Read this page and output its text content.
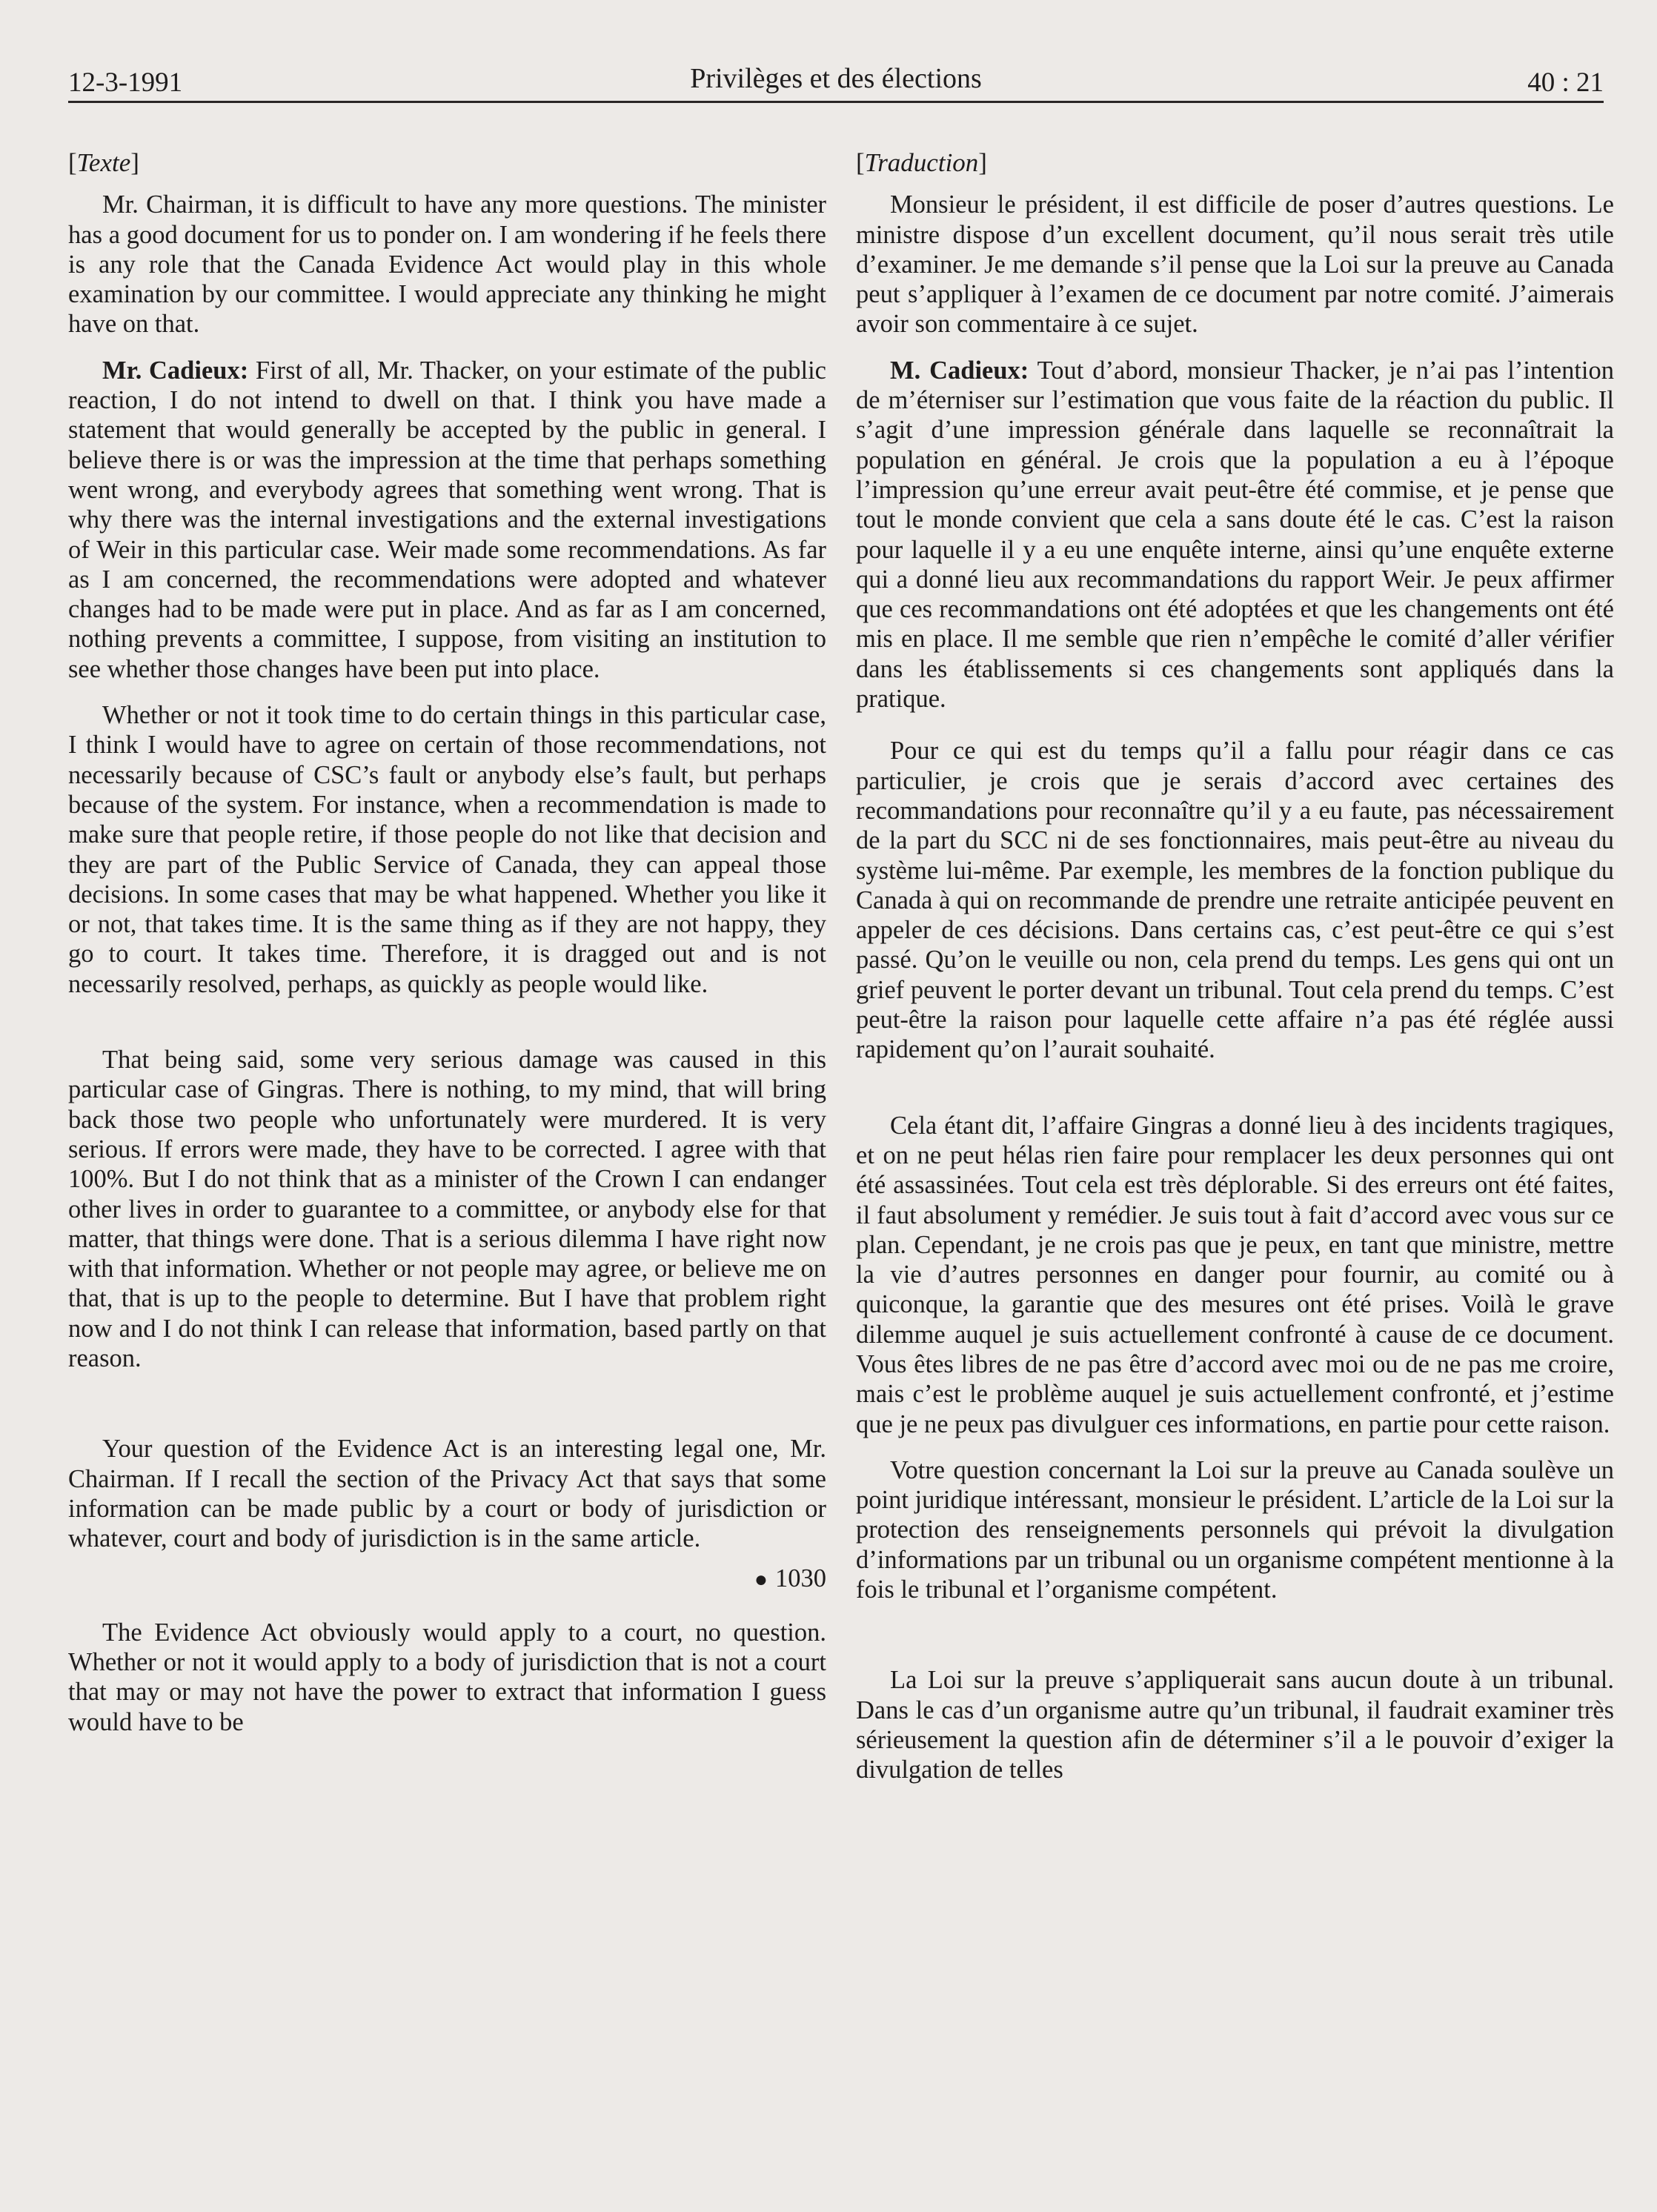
12-3-1991	Privilèges et des élections	40 : 21

[Texte]

Mr. Chairman, it is difficult to have any more questions. The minister has a good document for us to ponder on. I am wondering if he feels there is any role that the Canada Evidence Act would play in this whole examination by our committee. I would appreciate any thinking he might have on that.

Mr. Cadieux: First of all, Mr. Thacker, on your estimate of the public reaction, I do not intend to dwell on that. I think you have made a statement that would generally be accepted by the public in general. I believe there is or was the impression at the time that perhaps something went wrong, and everybody agrees that something went wrong. That is why there was the internal investigations and the external investigations of Weir in this particular case. Weir made some recommendations. As far as I am concerned, the recommendations were adopted and whatever changes had to be made were put in place. And as far as I am concerned, nothing prevents a committee, I suppose, from visiting an institution to see whether those changes have been put into place.

Whether or not it took time to do certain things in this particular case, I think I would have to agree on certain of those recommendations, not necessarily because of CSC’s fault or anybody else’s fault, but perhaps because of the system. For instance, when a recommendation is made to make sure that people retire, if those people do not like that decision and they are part of the Public Service of Canada, they can appeal those decisions. In some cases that may be what happened. Whether you like it or not, that takes time. It is the same thing as if they are not happy, they go to court. It takes time. Therefore, it is dragged out and is not necessarily resolved, perhaps, as quickly as people would like.

That being said, some very serious damage was caused in this particular case of Gingras. There is nothing, to my mind, that will bring back those two people who unfortunately were murdered. It is very serious. If errors were made, they have to be corrected. I agree with that 100%. But I do not think that as a minister of the Crown I can endanger other lives in order to guarantee to a committee, or anybody else for that matter, that things were done. That is a serious dilemma I have right now with that information. Whether or not people may agree, or believe me on that, that is up to the people to determine. But I have that problem right now and I do not think I can release that information, based partly on that reason.

Your question of the Evidence Act is an interesting legal one, Mr. Chairman. If I recall the section of the Privacy Act that says that some information can be made public by a court or body of jurisdiction or whatever, court and body of jurisdiction is in the same article.

● 1030

The Evidence Act obviously would apply to a court, no question. Whether or not it would apply to a body of jurisdiction that is not a court that may or may not have the power to extract that information I guess would have to be

[Traduction]

Monsieur le président, il est difficile de poser d’autres questions. Le ministre dispose d’un excellent document, qu’il nous serait très utile d’examiner. Je me demande s’il pense que la Loi sur la preuve au Canada peut s’appliquer à l’examen de ce document par notre comité. J’aimerais avoir son commentaire à ce sujet.

M. Cadieux: Tout d’abord, monsieur Thacker, je n’ai pas l’intention de m’éterniser sur l’estimation que vous faite de la réaction du public. Il s’agit d’une impression générale dans laquelle se reconnaîtrait la population en général. Je crois que la population a eu à l’époque l’impression qu’une erreur avait peut-être été commise, et je pense que tout le monde convient que cela a sans doute été le cas. C’est la raison pour laquelle il y a eu une enquête interne, ainsi qu’une enquête externe qui a donné lieu aux recommandations du rapport Weir. Je peux affirmer que ces recommandations ont été adoptées et que les changements ont été mis en place. Il me semble que rien n’empêche le comité d’aller vérifier dans les établissements si ces changements sont appliqués dans la pratique.

Pour ce qui est du temps qu’il a fallu pour réagir dans ce cas particulier, je crois que je serais d’accord avec certaines des recommandations pour reconnaître qu’il y a eu faute, pas nécessairement de la part du SCC ni de ses fonctionnaires, mais peut-être au niveau du système lui-même. Par exemple, les membres de la fonction publique du Canada à qui on recommande de prendre une retraite anticipée peuvent en appeler de ces décisions. Dans certains cas, c’est peut-être ce qui s’est passé. Qu’on le veuille ou non, cela prend du temps. Les gens qui ont un grief peuvent le porter devant un tribunal. Tout cela prend du temps. C’est peut-être la raison pour laquelle cette affaire n’a pas été réglée aussi rapidement qu’on l’aurait souhaité.

Cela étant dit, l’affaire Gingras a donné lieu à des incidents tragiques, et on ne peut hélas rien faire pour remplacer les deux personnes qui ont été assassinées. Tout cela est très déplorable. Si des erreurs ont été faites, il faut absolument y remédier. Je suis tout à fait d’accord avec vous sur ce plan. Cependant, je ne crois pas que je peux, en tant que ministre, mettre la vie d’autres personnes en danger pour fournir, au comité ou à quiconque, la garantie que des mesures ont été prises. Voilà le grave dilemme auquel je suis actuellement confronté à cause de ce document. Vous êtes libres de ne pas être d’accord avec moi ou de ne pas me croire, mais c’est le problème auquel je suis actuellement confronté, et j’estime que je ne peux pas divulguer ces informations, en partie pour cette raison.

Votre question concernant la Loi sur la preuve au Canada soulève un point juridique intéressant, monsieur le président. L’article de la Loi sur la protection des renseignements personnels qui prévoit la divulgation d’informations par un tribunal ou un organisme compétent mentionne à la fois le tribunal et l’organisme compétent.

La Loi sur la preuve s’appliquerait sans aucun doute à un tribunal. Dans le cas d’un organisme autre qu’un tribunal, il faudrait examiner très sérieusement la question afin de déterminer s’il a le pouvoir d’exiger la divulgation de telles
